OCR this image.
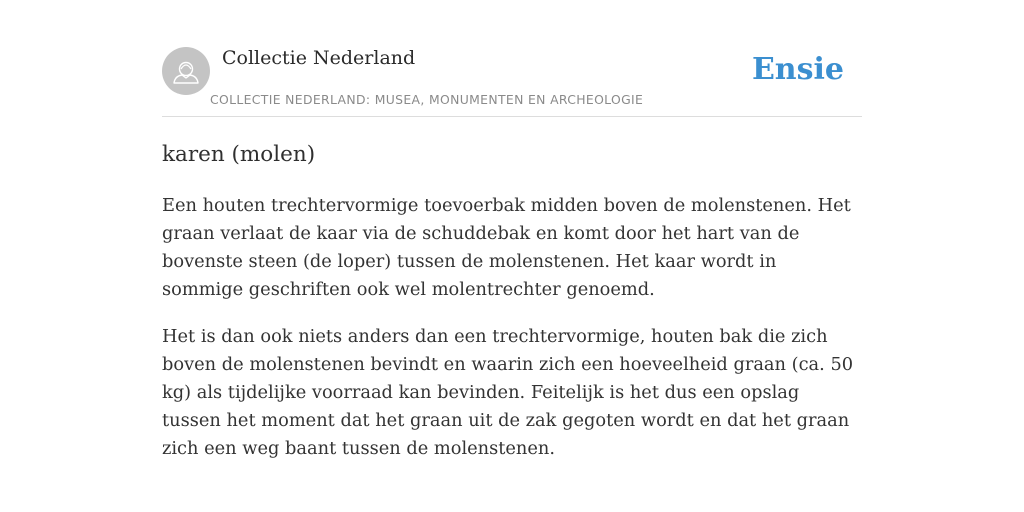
Collectie Nederland
COLLECTIE NEDERLAND: MUSEA, MONUMENTEN EN ARCHEOLOGIE
Ensie
karen (molen)

Een houten trechtervormige toevoerbak midden boven de molenstenen. Het graan verlaat de kaar via de schuddebak en komt door het hart van de bovenste steen (de loper) tussen de molenstenen. Het kaar wordt in sommige geschriften ook wel molentrechter genoemd.

Het is dan ook niets anders dan een trechtervormige, houten bak die zich boven de molenstenen bevindt en waarin zich een hoeveelheid graan (ca. 50 kg) als tijdelijke voorraad kan bevinden. Feitelijk is het dus een opslag tussen het moment dat het graan uit de zak gegoten wordt en dat het graan zich een weg baant tussen de molenstenen.
